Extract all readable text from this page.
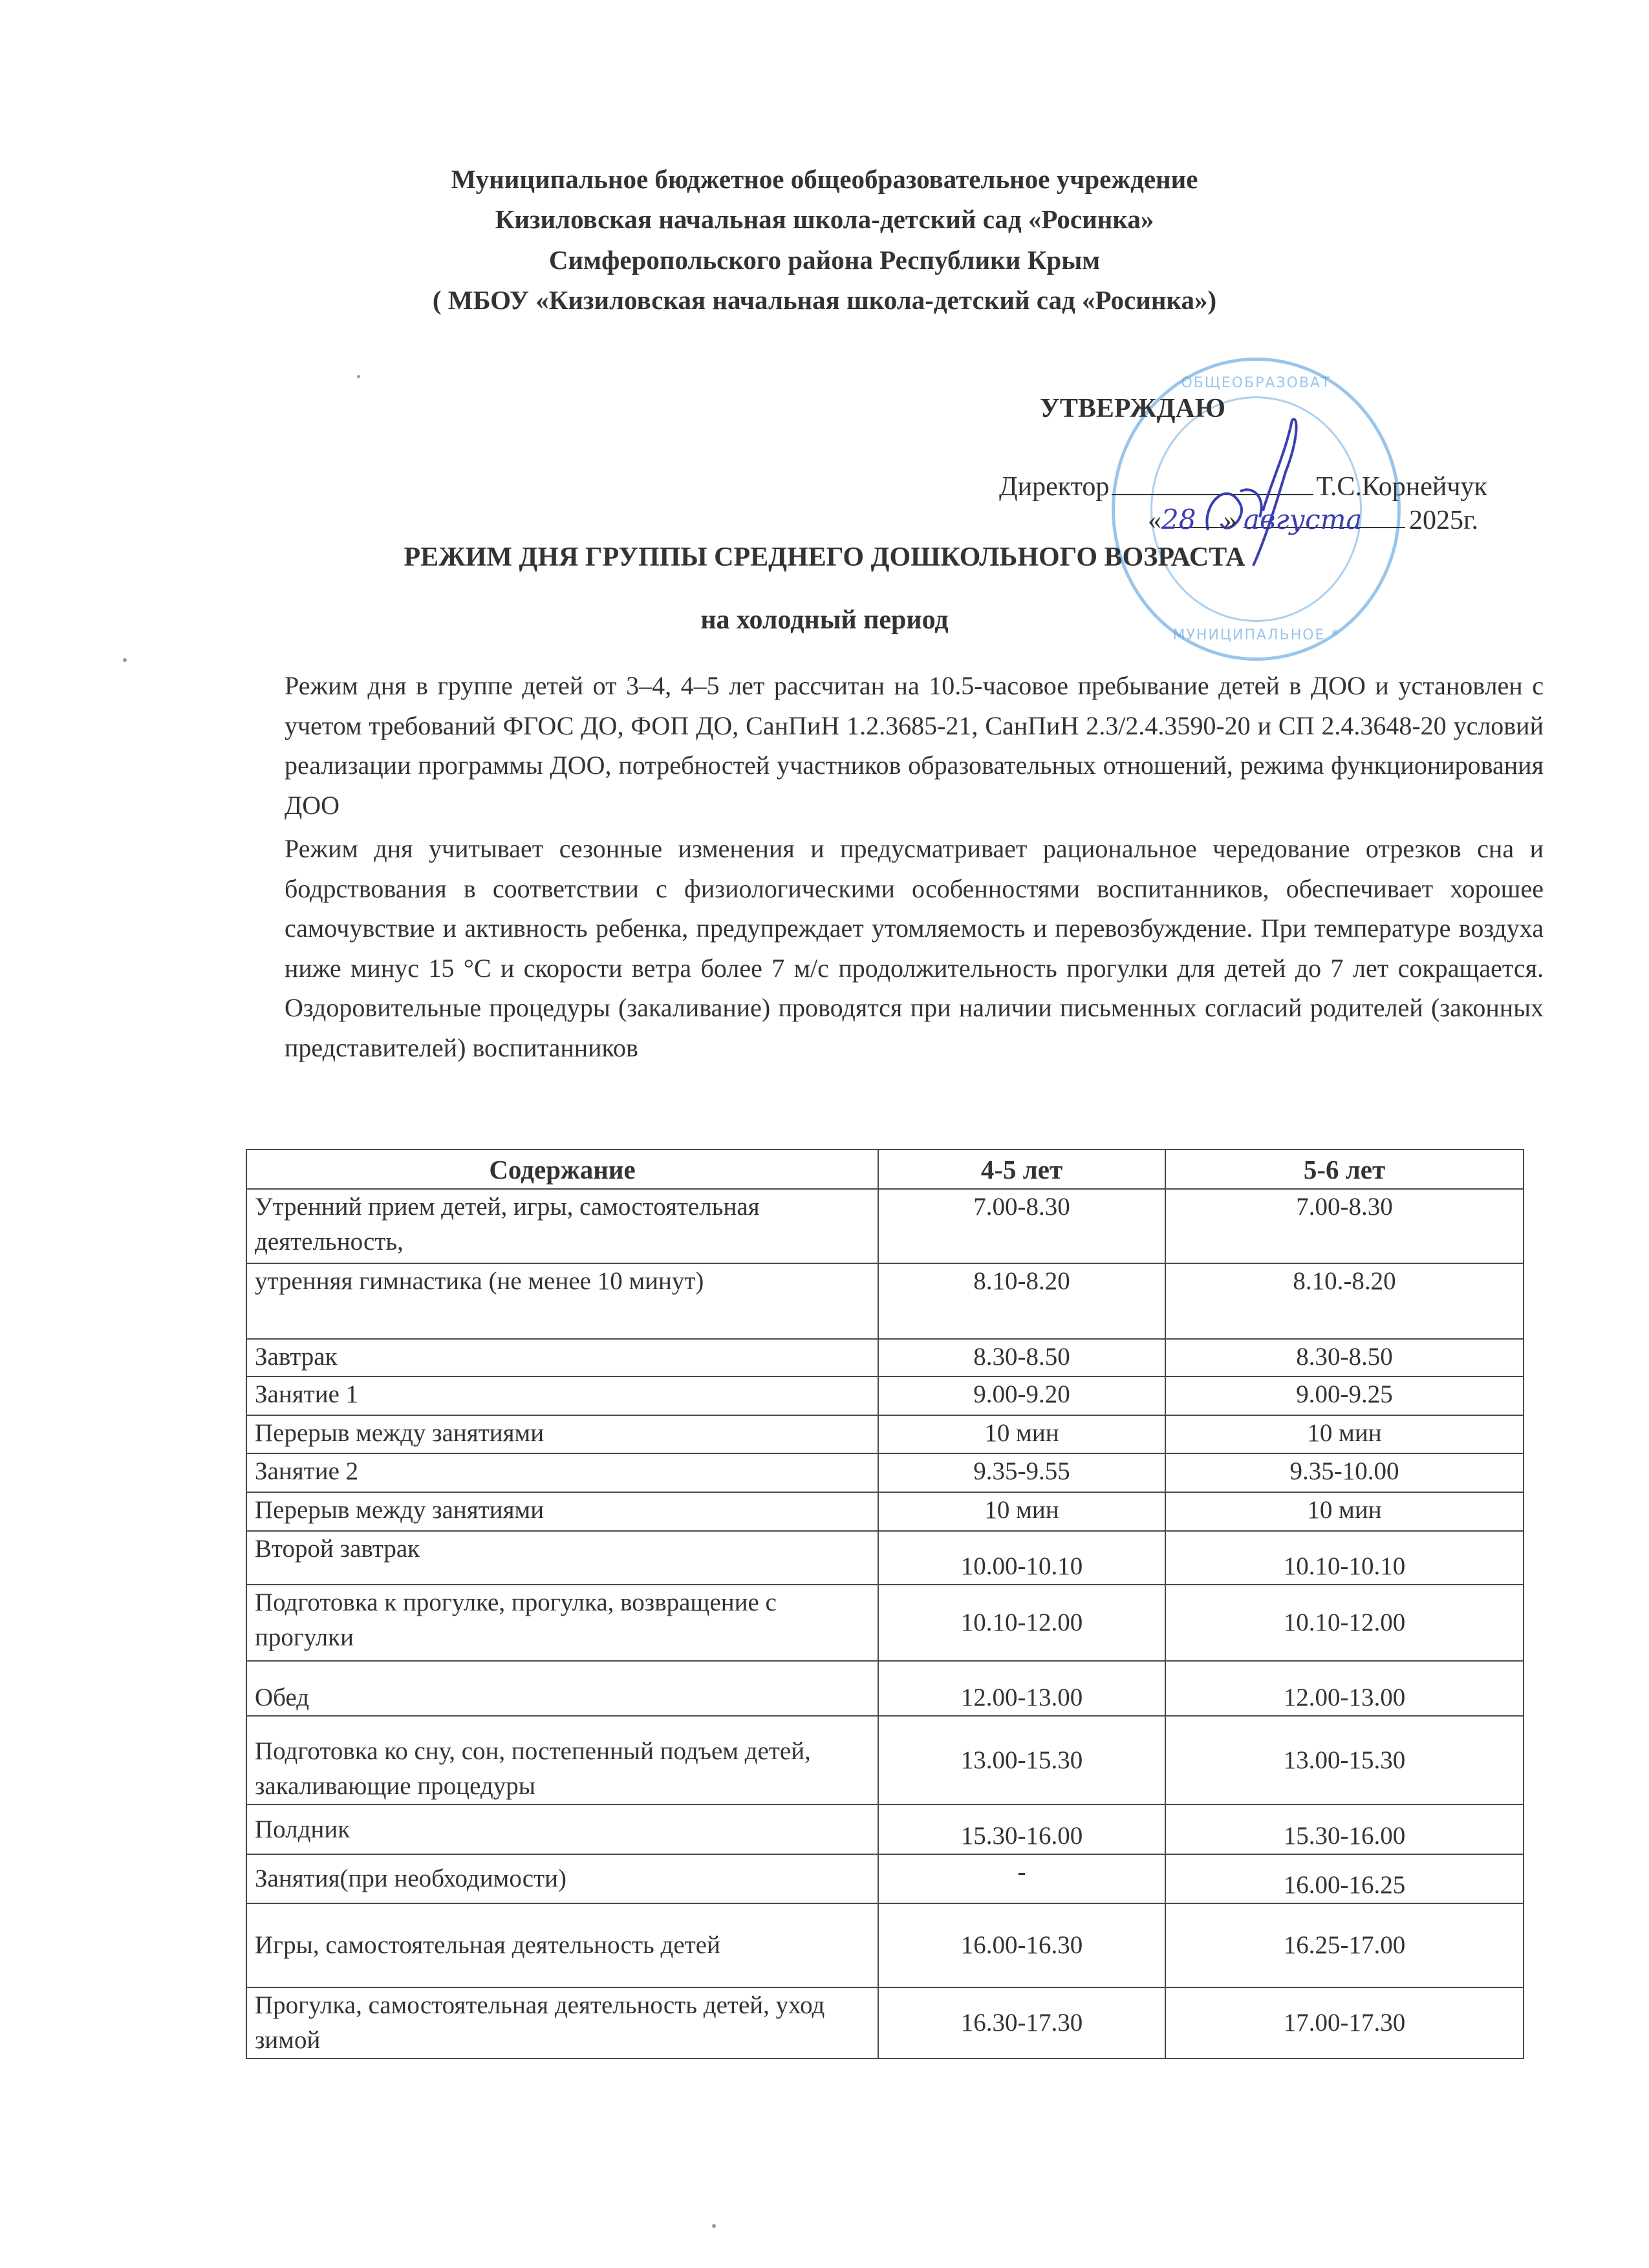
Муниципальное бюджетное общеобразовательное учреждение
Кизиловская начальная школа-детский сад «Росинка»
Симферопольского района Республики Крым
( МБОУ «Кизиловская начальная школа-детский сад «Росинка»)
ОБЩЕОБРАЗОВАТ
МУНИЦИПАЛЬНОЕ *
УТВЕРЖДАЮ
Директор	Т.С.Корнейчук
«28 » августа 2025г.
РЕЖИМ ДНЯ ГРУППЫ СРЕДНЕГО ДОШКОЛЬНОГО ВОЗРАСТА
на холодный период
Режим дня в группе детей от 3–4, 4–5 лет рассчитан на 10.5-часовое пребывание детей в ДОО и установлен с учетом требований ФГОС ДО, ФОП ДО, СанПиН 1.2.3685-21, СанПиН 2.3/2.4.3590-20 и СП 2.4.3648-20 условий реализации программы ДОО, потребностей участников образовательных отношений, режима функционирования ДОО
Режим дня учитывает сезонные изменения и предусматривает рациональное чередование отрезков сна и бодрствования в соответствии с физиологическими особенностями воспитанников, обеспечивает хорошее самочувствие и активность ребенка, предупреждает утомляемость и перевозбуждение. При температуре воздуха ниже минус 15 °С и скорости ветра более 7 м/с продолжительность прогулки для детей до 7 лет сокращается. Оздоровительные процедуры (закаливание) проводятся при наличии письменных согласий родителей (законных представителей) воспитанников
Содержание	4-5 лет	5-6 лет
Утренний прием детей, игры, самостоятельная деятельность,	7.00-8.30	7.00-8.30
утренняя гимнастика (не менее 10 минут)	8.10-8.20	8.10.-8.20
Завтрак	8.30-8.50	8.30-8.50
Занятие 1	9.00-9.20	9.00-9.25
Перерыв между занятиями	10 мин	10 мин
Занятие 2	9.35-9.55	9.35-10.00
Перерыв между занятиями	10 мин	10 мин
Второй завтрак	10.00-10.10	10.10-10.10
Подготовка к прогулке, прогулка, возвращение с прогулки	10.10-12.00	10.10-12.00
Обед	12.00-13.00	12.00-13.00
Подготовка ко сну, сон, постепенный подъем детей, закаливающие процедуры	13.00-15.30	13.00-15.30
Полдник	15.30-16.00	15.30-16.00
Занятия(при необходимости)	-	16.00-16.25
Игры, самостоятельная деятельность детей	16.00-16.30	16.25-17.00
Прогулка, самостоятельная деятельность детей, уход зимой	16.30-17.30	17.00-17.30
